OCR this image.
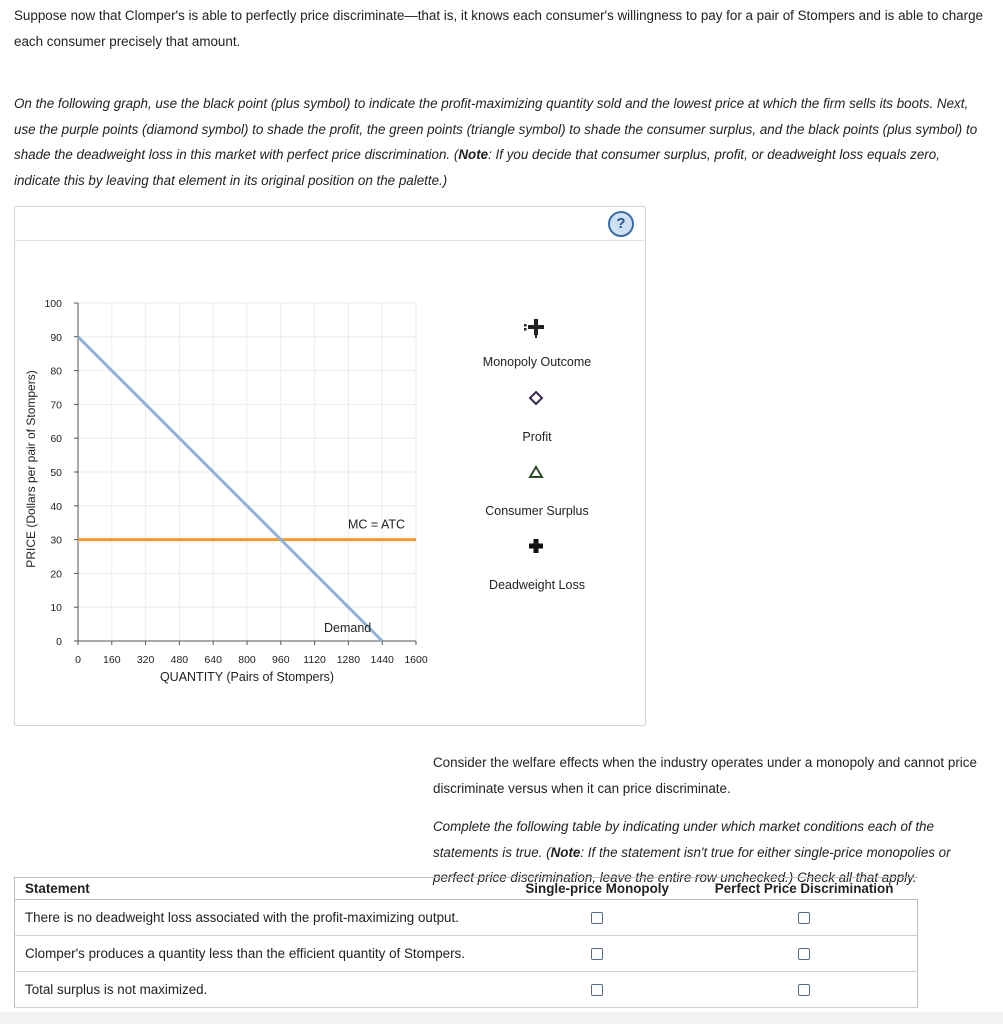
Suppose now that Clomper's is able to perfectly price discriminate—that is, it knows each consumer's willingness to pay for a pair of Stompers and is able to charge each consumer precisely that amount.

On the following graph, use the black point (plus symbol) to indicate the profit-maximizing quantity sold and the lowest price at which the firm sells its boots. Next, use the purple points (diamond symbol) to shade the profit, the green points (triangle symbol) to shade the consumer surplus, and the black points (plus symbol) to shade the deadweight loss in this market with perfect price discrimination. (Note: If you decide that consumer surplus, profit, or deadweight loss equals zero, indicate this by leaving that element in its original position on the palette.)

?
0
10
20
30
40
50
60
70
80
90
100
0 160 320 480 640 800 960 1120 1280 1440 1600
MC = ATC
Demand
PRICE (Dollars per pair of Stompers)
QUANTITY (Pairs of Stompers)
Monopoly Outcome
Profit
Consumer Surplus
Deadweight Loss

Consider the welfare effects when the industry operates under a monopoly and cannot price discriminate versus when it can price discriminate.

Complete the following table by indicating under which market conditions each of the statements is true. (Note: If the statement isn't true for either single-price monopolies or perfect price discrimination, leave the entire row unchecked.) Check all that apply.

Statement	Single-price Monopoly	Perfect Price Discrimination
There is no deadweight loss associated with the profit-maximizing output.		
Clomper's produces a quantity less than the efficient quantity of Stompers.		
Total surplus is not maximized.		
